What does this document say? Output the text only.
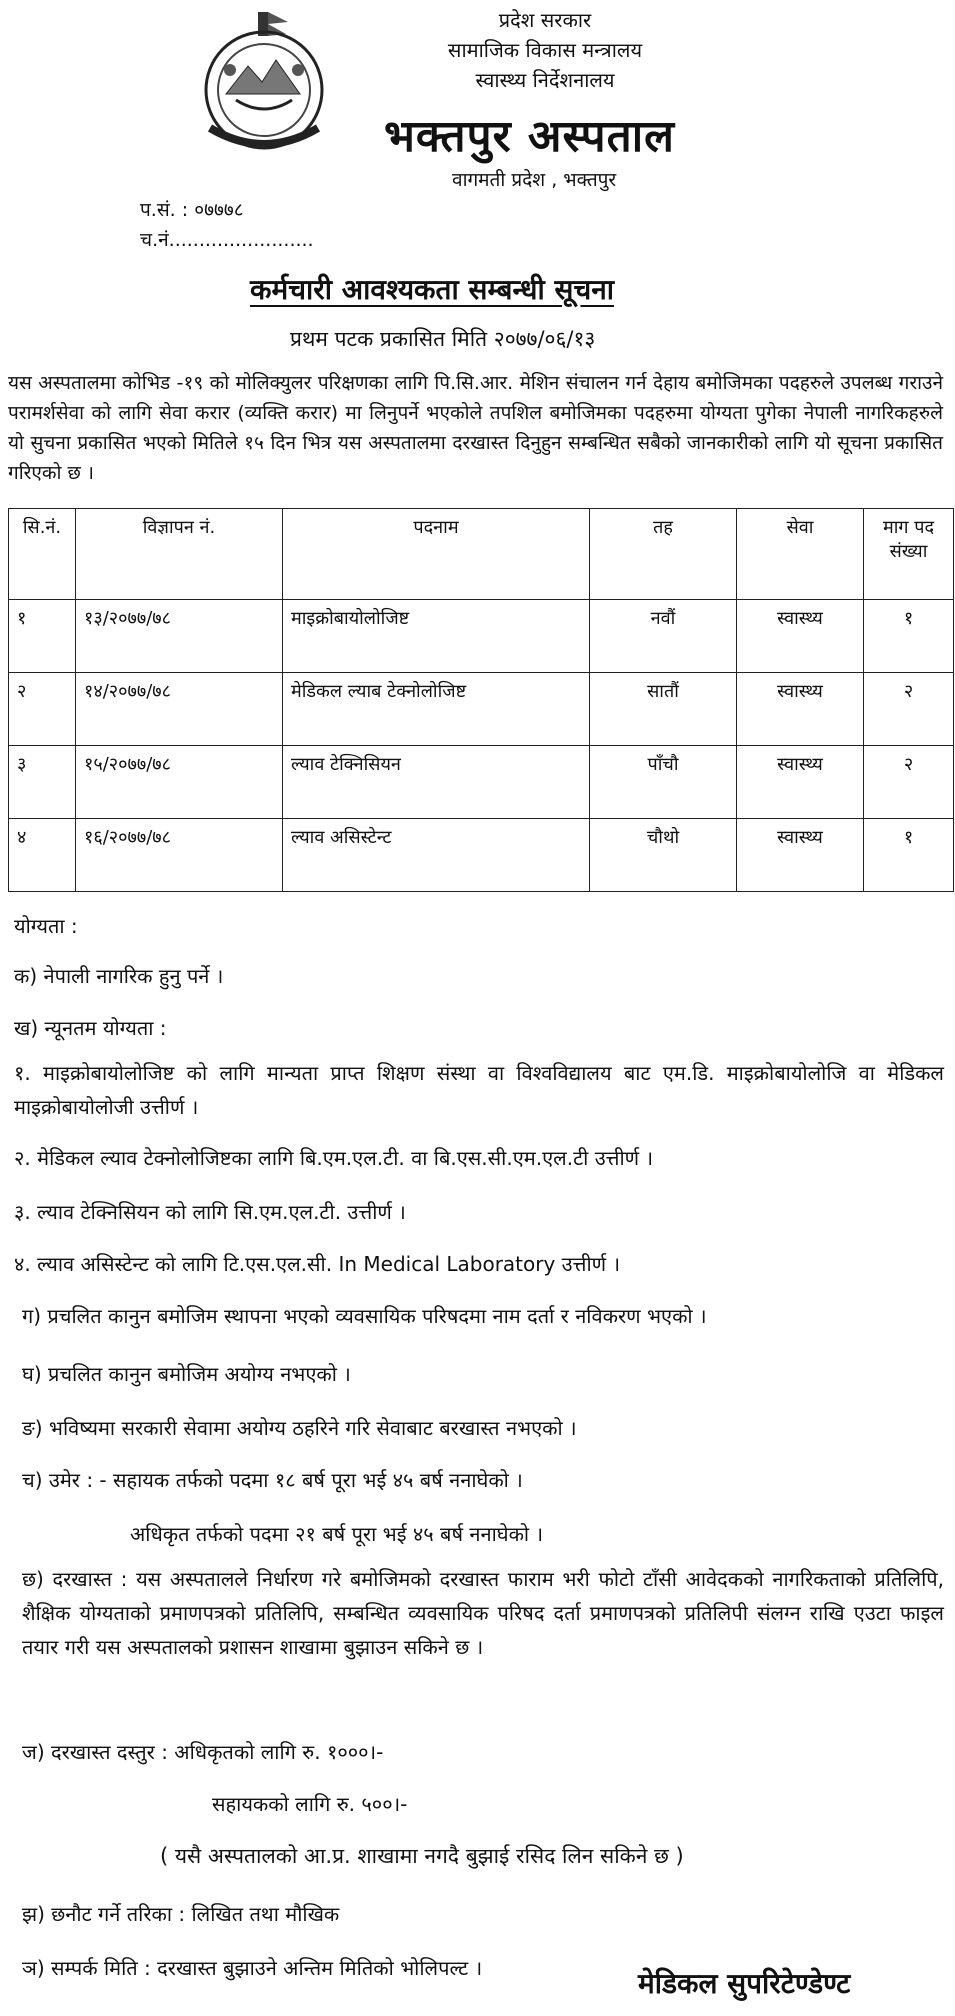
प्रदेश सरकार
सामाजिक विकास मन्त्रालय
स्वास्थ्य निर्देशनालय
भक्तपुर अस्पताल
वागमती प्रदेश , भक्तपुर
प.सं. : ०७७७८
च.नं........................
कर्मचारी आवश्यकता सम्बन्धी सूचना
प्रथम पटक प्रकासित मिति २०७७/०६/१३
यस अस्पतालमा कोभिड -१९ को मोलिक्युलर परिक्षणका लागि पि.सि.आर. मेशिन संचालन गर्न देहाय बमोजिमका पदहरुले उपलब्ध गराउने परामर्शसेवा को लागि सेवा करार (व्यक्ति करार) मा लिनुपर्ने भएकोले तपशिल बमोजिमका पदहरुमा योग्यता पुगेका नेपाली नागरिकहरुले यो सुचना प्रकासित भएको मितिले १५ दिन भित्र यस अस्पतालमा दरखास्त दिनुहुन सम्बन्धित सबैको जानकारीको लागि यो सूचना प्रकासित गरिएको छ ।
सि.नं.	विज्ञापन नं.	पदनाम	तह	सेवा	माग पद संख्या
१	१३/२०७७/७८	माइक्रोबायोलोजिष्ट	नवौं	स्वास्थ्य	१
२	१४/२०७७/७८	मेडिकल ल्याब टेक्नोलोजिष्ट	सातौं	स्वास्थ्य	२
३	१५/२०७७/७८	ल्याव टेक्निसियन	पाँचौ	स्वास्थ्य	२
४	१६/२०७७/७८	ल्याव असिस्टेन्ट	चौथो	स्वास्थ्य	१
योग्यता :
क) नेपाली नागरिक हुनु पर्ने ।
ख) न्यूनतम योग्यता :
१. माइक्रोबायोलोजिष्ट को लागि मान्यता प्राप्त शिक्षण संस्था वा विश्वविद्यालय बाट एम.डि. माइक्रोबायोलोजि वा मेडिकल माइक्रोबायोलोजी उत्तीर्ण ।
२. मेडिकल ल्याव टेक्नोलोजिष्टका लागि बि.एम.एल.टी. वा बि.एस.सी.एम.एल.टी उत्तीर्ण ।
३. ल्याव टेक्निसियन को लागि सि.एम.एल.टी. उत्तीर्ण ।
४. ल्याव असिस्टेन्ट को लागि टि.एस.एल.सी. In Medical Laboratory उत्तीर्ण ।
ग) प्रचलित कानुन बमोजिम स्थापना भएको व्यवसायिक परिषदमा नाम दर्ता र नविकरण भएको ।
घ) प्रचलित कानुन बमोजिम अयोग्य नभएको ।
ङ) भविष्यमा सरकारी सेवामा अयोग्य ठहरिने गरि सेवाबाट बरखास्त नभएको ।
च) उमेर : - सहायक तर्फको पदमा १८ बर्ष पूरा भई ४५ बर्ष ननाघेको ।
अधिकृत तर्फको पदमा २१ बर्ष पूरा भई ४५ बर्ष ननाघेको ।
छ) दरखास्त : यस अस्पतालले निर्धारण गरे बमोजिमको दरखास्त फाराम भरी फोटो टाँसी आवेदकको नागरिकताको प्रतिलिपि, शैक्षिक योग्यताको प्रमाणपत्रको प्रतिलिपि, सम्बन्धित व्यवसायिक परिषद दर्ता प्रमाणपत्रको प्रतिलिपी संलग्न राखि एउटा फाइल तयार गरी यस अस्पतालको प्रशासन शाखामा बुझाउन सकिने छ ।
ज) दरखास्त दस्तुर : अधिकृतको लागि रु. १०००।-
सहायकको लागि रु. ५००।-
( यसै अस्पतालको आ.प्र. शाखामा नगदै बुझाई रसिद लिन सकिने छ )
झ) छनौट गर्ने तरिका : लिखित तथा मौखिक
ञ) सम्पर्क मिति : दरखास्त बुझाउने अन्तिम मितिको भोलिपल्ट ।	मेडिकल सुपरिटेण्डेण्ट
